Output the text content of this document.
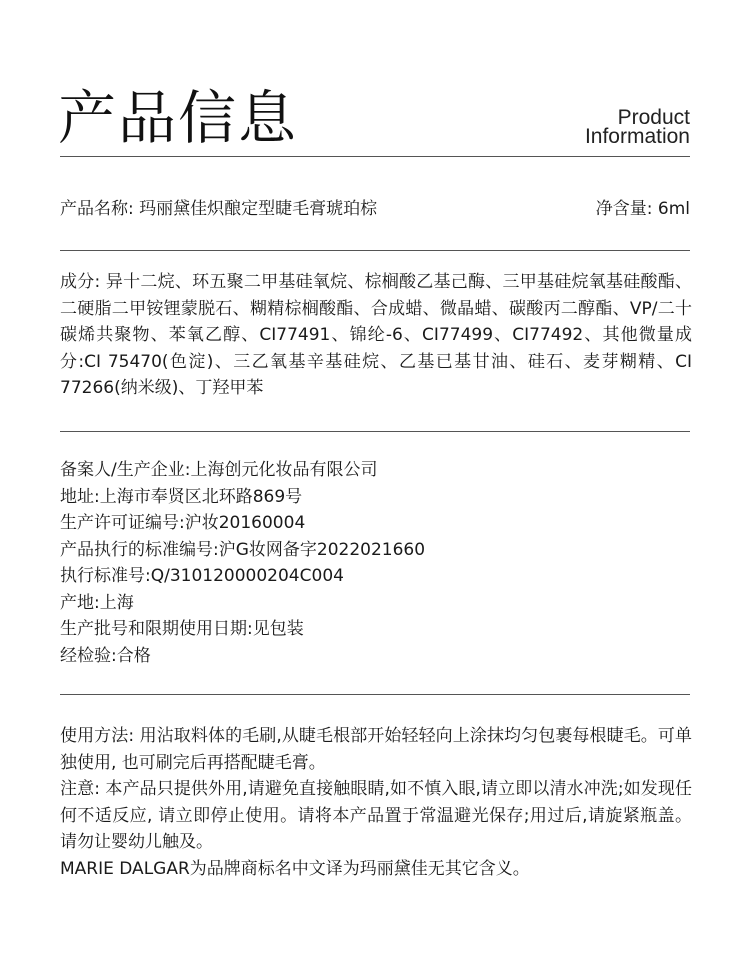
产品信息	Product
Information
产品名称: 玛丽黛佳炽酿定型睫毛膏琥珀棕	净含量: 6ml

成分: 异十二烷、环五聚二甲基硅氧烷、棕榈酸乙基己酶、三甲基硅烷氧基硅酸酯、二硬脂二甲铵锂蒙脱石、糊精棕榈酸酯、合成蜡、微晶蜡、碳酸丙二醇酯、VP/二十碳烯共聚物、苯氧乙醇、CI77491、锦纶-6、CI77499、CI77492、其他微量成分:CI 75470(色淀)、三乙氧基辛基硅烷、乙基已基甘油、硅石、麦芽糊精、CI 77266(纳米级)、丁羟甲苯

备案人/生产企业:上海创元化妆品有限公司
地址:上海市奉贤区北环路869号
生产许可证编号:沪妆20160004
产品执行的标准编号:沪G妆网备字2022021660
执行标准号:Q/310120000204C004
产地:上海
生产批号和限期使用日期:见包装
经检验:合格

使用方法: 用沾取料体的毛刷,从睫毛根部开始轻轻向上涂抹均匀包裹每根睫毛。可单独使用, 也可刷完后再搭配睫毛膏。

注意: 本产品只提供外用,请避免直接触眼睛,如不慎入眼,请立即以清水冲洗;如发现任何不适反应, 请立即停止使用。请将本产品置于常温避光保存;用过后,请旋紧瓶盖。请勿让婴幼儿触及。

MARIE DALGAR为品牌商标名中文译为玛丽黛佳无其它含义。
